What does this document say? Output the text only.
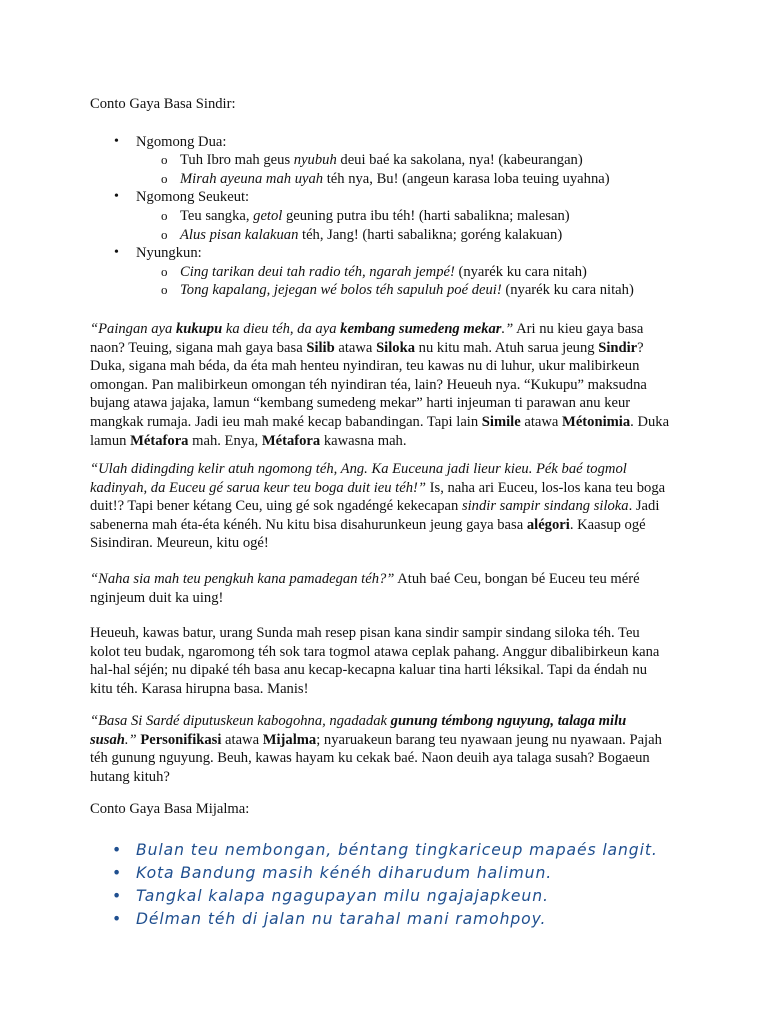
Conto Gaya Basa Sindir:

• Ngomong Dua:
o Tuh Ibro mah geus nyubuh deui baé ka sakolana, nya! (kabeurangan)
o Mirah ayeuna mah uyah téh nya, Bu! (angeun karasa loba teuing uyahna)
• Ngomong Seukeut:
o Teu sangka, getol geuning putra ibu téh! (harti sabalikna; malesan)
o Alus pisan kalakuan téh, Jang! (harti sabalikna; goréng kalakuan)
• Nyungkun:
o Cing tarikan deui tah radio téh, ngarah jempé! (nyarék ku cara nitah)
o Tong kapalang, jejegan wé bolos téh sapuluh poé deui! (nyarék ku cara nitah)

“Paingan aya kukupu ka dieu téh, da aya kembang sumedeng mekar.” Ari nu kieu gaya basa naon? Teuing, sigana mah gaya basa Silib atawa Siloka nu kitu mah. Atuh sarua jeung Sindir? Duka, sigana mah béda, da éta mah henteu nyindiran, teu kawas nu di luhur, ukur malibirkeun omongan. Pan malibirkeun omongan téh nyindiran téa, lain? Heueuh nya. “Kukupu” maksudna bujang atawa jajaka, lamun “kembang sumedeng mekar” harti injeuman ti parawan anu keur mangkak rumaja. Jadi ieu mah maké kecap babandingan. Tapi lain Simile atawa Métonimia. Duka lamun Métafora mah. Enya, Métafora kawasna mah.

“Ulah didingding kelir atuh ngomong téh, Ang. Ka Euceuna jadi lieur kieu. Pék baé togmol kadinyah, da Euceu gé sarua keur teu boga duit ieu téh!” Is, naha ari Euceu, los-los kana teu boga duit!? Tapi bener kétang Ceu, uing gé sok ngadéngé kekecapan sindir sampir sindang siloka. Jadi sabenerna mah éta-éta kénéh. Nu kitu bisa disahurunkeun jeung gaya basa alégori. Kaasup ogé Sisindiran. Meureun, kitu ogé!

“Naha sia mah teu pengkuh kana pamadegan téh?” Atuh baé Ceu, bongan bé Euceu teu méré nginjeum duit ka uing!

Heueuh, kawas batur, urang Sunda mah resep pisan kana sindir sampir sindang siloka téh. Teu kolot teu budak, ngaromong téh sok tara togmol atawa ceplak pahang. Anggur dibalibirkeun kana hal-hal séjén; nu dipaké téh basa anu kecap-kecapna kaluar tina harti léksikal. Tapi da éndah nu kitu téh. Karasa hirupna basa. Manis!

“Basa Si Sardé diputuskeun kabogohna, ngadadak gunung témbong nguyung, talaga milu susah.” Personifikasi atawa Mijalma; nyaruakeun barang teu nyawaan jeung nu nyawaan. Pajah téh gunung nguyung. Beuh, kawas hayam ku cekak baé. Naon deuih aya talaga susah? Bogaeun hutang kituh?

Conto Gaya Basa Mijalma:

• Bulan teu nembongan, béntang tingkariceup mapaés langit.
• Kota Bandung masih kénéh diharudum halimun.
• Tangkal kalapa ngagupayan milu ngajajapkeun.
• Délman téh di jalan nu tarahal mani ramohpoy.
